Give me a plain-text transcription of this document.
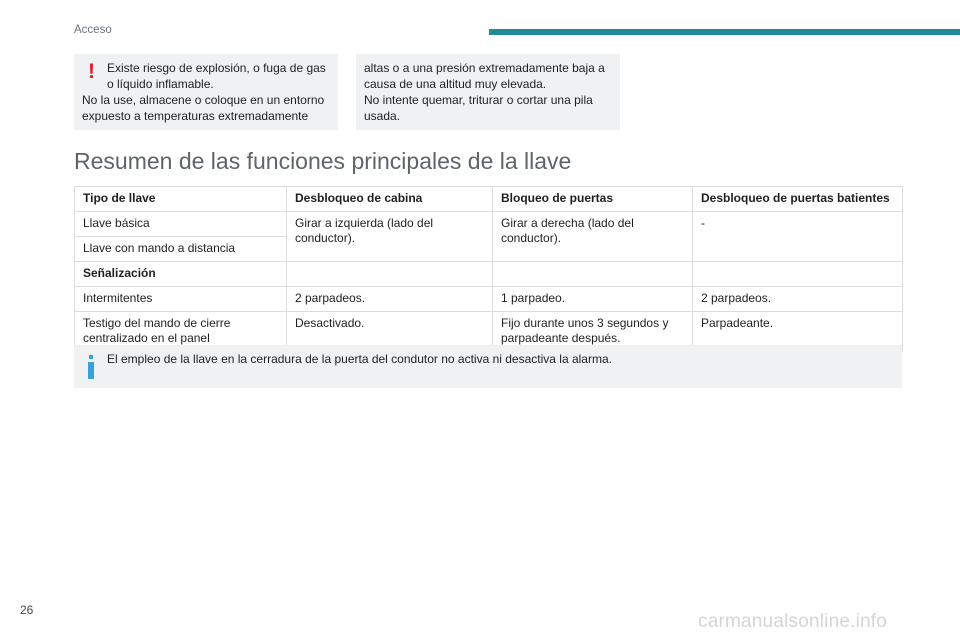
Acceso
! Existe riesgo de explosión, o fuga de gas o líquido inflamable.
No la use, almacene o coloque en un entorno expuesto a temperaturas extremadamente
altas o a una presión extremadamente baja a causa de una altitud muy elevada.
No intente quemar, triturar o cortar una pila usada.
Resumen de las funciones principales de la llave
Tipo de llave	Desbloqueo de cabina	Bloqueo de puertas	Desbloqueo de puertas batientes
Llave básica	Girar a izquierda (lado del conductor).	Girar a derecha (lado del conductor).	-
Llave con mando a distancia			
Señalización			
Intermitentes	2 parpadeos.	1 parpadeo.	2 parpadeos.
Testigo del mando de cierre centralizado en el panel	Desactivado.	Fijo durante unos 3 segundos y parpadeante después.	Parpadeante.
El empleo de la llave en la cerradura de la puerta del condutor no activa ni desactiva la alarma.
26
carmanualsonline.info
